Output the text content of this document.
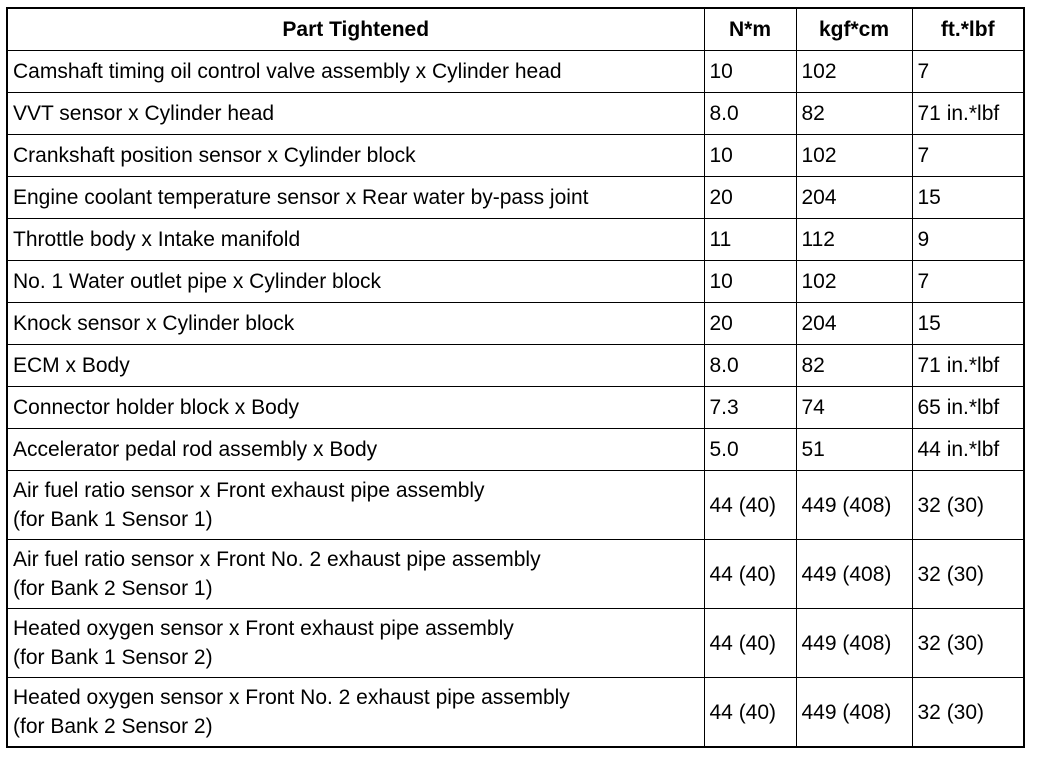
Part Tightened	N*m	kgf*cm	ft.*lbf

Camshaft timing oil control valve assembly x Cylinder head	10	102	7

VVT sensor x Cylinder head	8.0	82	71 in.*lbf

Crankshaft position sensor x Cylinder block	10	102	7

Engine coolant temperature sensor x Rear water by-pass joint	20	204	15

Throttle body x Intake manifold	11	112	9

No. 1 Water outlet pipe x Cylinder block	10	102	7

Knock sensor x Cylinder block	20	204	15

ECM x Body	8.0	82	71 in.*lbf

Connector holder block x Body	7.3	74	65 in.*lbf

Accelerator pedal rod assembly x Body	5.0	51	44 in.*lbf

Air fuel ratio sensor x Front exhaust pipe assembly
(for Bank 1 Sensor 1)	44 (40)	449 (408)	32 (30)

Air fuel ratio sensor x Front No. 2 exhaust pipe assembly
(for Bank 2 Sensor 1)	44 (40)	449 (408)	32 (30)

Heated oxygen sensor x Front exhaust pipe assembly
(for Bank 1 Sensor 2)	44 (40)	449 (408)	32 (30)

Heated oxygen sensor x Front No. 2 exhaust pipe assembly
(for Bank 2 Sensor 2)	44 (40)	449 (408)	32 (30)
